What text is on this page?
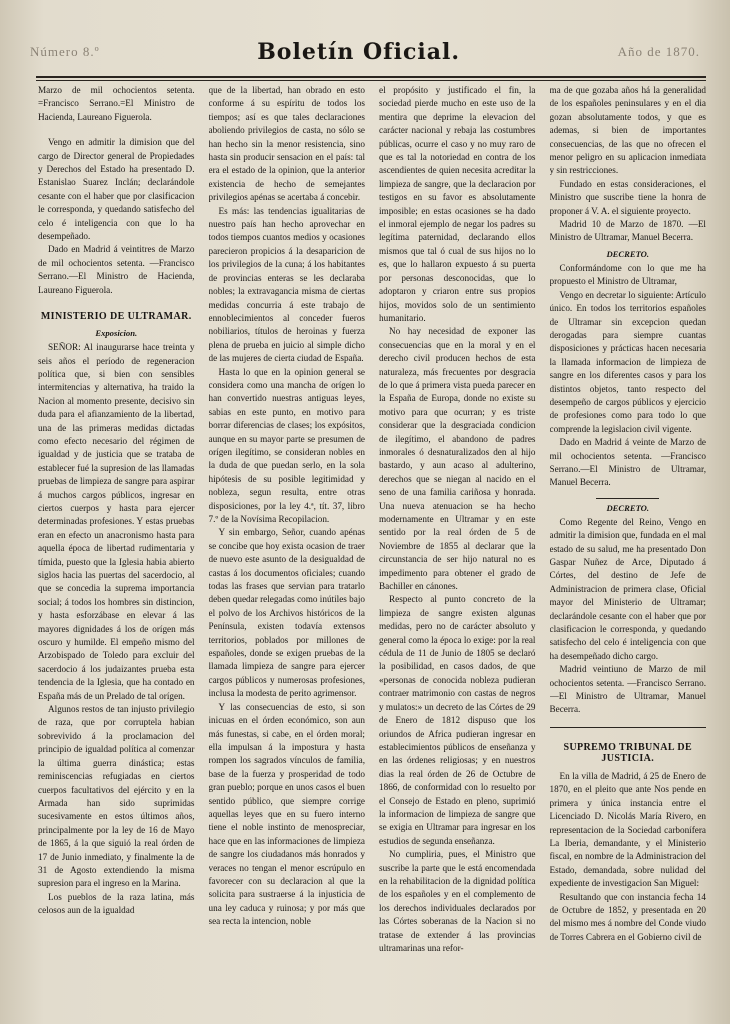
Número 8.º	Boletín Oficial.	Año de 1870.

Marzo de mil ochocientos setenta. =Francisco Serrano.=El Ministro de Hacienda, Laureano Figuerola.

Vengo en admitir la dimision que del cargo de Director general de Propiedades y Derechos del Estado ha presentado D. Estanislao Suarez Inclán; declarándole cesante con el haber que por clasificacion le corresponda, y quedando satisfecho del celo é inteligencia con que lo ha desempeñado.

Dado en Madrid á veintitres de Marzo de mil ochocientos setenta. —Francisco Serrano.—El Ministro de Hacienda, Laureano Figuerola.

MINISTERIO DE ULTRAMAR.
Exposicion.

SEÑOR: Al inaugurarse hace treinta y seis años el período de regeneracion política que, si bien con sensibles intermitencias y alternativa, ha traido la Nacion al momento presente, decisivo sin duda para el afianzamiento de la libertad, una de las primeras medidas dictadas como efecto necesario del régimen de igualdad y de justicia que se trataba de establecer fué la supresion de las llamadas pruebas de limpieza de sangre para aspirar á muchos cargos públicos, ingresar en ciertos cuerpos y hasta para ejercer determinadas profesiones. Y estas pruebas eran en efecto un anacronismo hasta para aquella época de libertad rudimentaria y tímida, puesto que la Iglesia habia abierto siglos hacia las puertas del sacerdocio, al que se concedia la suprema importancia social; á todos los hombres sin distincion, y hasta esforzábase en elevar á las mayores dignidades á los de orígen más oscuro y humilde. El empeño mismo del Arzobispado de Toledo para excluir del sacerdocio á los judaizantes prueba esta tendencia de la Iglesia, que ha contado en España más de un Prelado de tal orígen.

Algunos restos de tan injusto privilegio de raza, que por corruptela habian sobrevivido á la proclamacion del principio de igualdad política al comenzar la última guerra dinástica; estas reminiscencias refugiadas en ciertos cuerpos facultativos del ejército y en la Armada han sido suprimidas sucesivamente en estos últimos años, principalmente por la ley de 16 de Mayo de 1865, á la que siguió la real órden de 17 de Junio inmediato, y finalmente la de 31 de Agosto extendiendo la misma supresion para el ingreso en la Marina.

Los pueblos de la raza latina, más celosos aun de la igualdad

que de la libertad, han obrado en esto conforme á su espíritu de todos los tiempos; así es que tales declaraciones aboliendo privilegios de casta, no sólo se han hecho sin la menor resistencia, sino hasta sin producir sensacion en el país: tal era el estado de la opinion, que la anterior existencia de hecho de semejantes privilegios apénas se acertaba á concebir.

Es más: las tendencias igualitarias de nuestro país han hecho aprovechar en todos tiempos cuantos medios y ocasiones parecieron propicios á la desaparicion de los privilegios de la cuna; á los habitantes de provincias enteras se les declaraba nobles; la extravagancia misma de ciertas medidas concurria á este trabajo de ennoblecimientos al conceder fueros nobiliarios, títulos de heroinas y fuerza plena de prueba en juicio al simple dicho de las mujeres de cierta ciudad de España.

Hasta lo que en la opinion general se considera como una mancha de orígen lo han convertido nuestras antiguas leyes, sabias en este punto, en motivo para borrar diferencias de clases; los expósitos, aunque en su mayor parte se presumen de orígen ilegítimo, se consideran nobles en la duda de que puedan serlo, en la sola hipótesis de su posible legitimidad y nobleza, segun resulta, entre otras disposiciones, por la ley 4.ª, tít. 37, libro 7.º de la Novísima Recopilacion.

Y sin embargo, Señor, cuando apénas se concibe que hoy exista ocasion de traer de nuevo este asunto de la desigualdad de castas á los documentos oficiales; cuando todas las frases que servian para tratarlo deben quedar relegadas como inútiles bajo el polvo de los Archivos históricos de la Península, existen todavía extensos territorios, poblados por millones de españoles, donde se exigen pruebas de la llamada limpieza de sangre para ejercer cargos públicos y numerosas profesiones, inclusa la modesta de perito agrimensor.

Y las consecuencias de esto, si son inicuas en el órden económico, son aun más funestas, si cabe, en el órden moral; ella impulsan á la impostura y hasta rompen los sagrados vínculos de familia, base de la fuerza y prosperidad de todo gran pueblo; porque en unos casos el buen sentido público, que siempre corrige aquellas leyes que en su fuero interno tiene el noble instinto de menospreciar, hace que en las informaciones de limpieza de sangre los ciudadanos más honrados y veraces no tengan el menor escrúpulo en favorecer con su declaracion al que la solicita para sustraerse á la injusticia de una ley caduca y ruinosa; y por más que sea recta la intencion, noble

el propósito y justificado el fin, la sociedad pierde mucho en este uso de la mentira que deprime la elevacion del carácter nacional y rebaja las costumbres públicas, ocurre el caso y no muy raro de que es tal la notoriedad en contra de los ascendientes de quien necesita acreditar la limpieza de sangre, que la declaracion por testigos en su favor es absolutamente imposible; en estas ocasiones se ha dado el inmoral ejemplo de negar los padres su legítima paternidad, declarando ellos mismos que tal ó cual de sus hijos no lo es, que lo hallaron expuesto á su puerta por personas desconocidas, que lo adoptaron y criaron entre sus propios hijos, movidos solo de un sentimiento humanitario.

No hay necesidad de exponer las consecuencias que en la moral y en el derecho civil producen hechos de esta naturaleza, más frecuentes por desgracia de lo que á primera vista pueda parecer en la España de Europa, donde no existe su motivo para que ocurran; y es triste considerar que la desgraciada condicion de ilegítimo, el abandono de padres inmorales ó desnaturalizados den al hijo bastardo, y aun acaso al adulterino, derechos que se niegan al nacido en el seno de una familia cariñosa y honrada. Una nueva atenuacion se ha hecho modernamente en Ultramar y en este sentido por la real órden de 5 de Noviembre de 1855 al declarar que la circunstancia de ser hijo natural no es impedimento para obtener el grado de Bachiller en cánones.

Respecto al punto concreto de la limpieza de sangre existen algunas medidas, pero no de carácter absoluto y general como la época lo exige: por la real cédula de 11 de Junio de 1805 se declaró la posibilidad, en casos dados, de que «personas de conocida nobleza pudieran contraer matrimonio con castas de negros y mulatos:» un decreto de las Córtes de 29 de Enero de 1812 dispuso que los oriundos de Africa pudieran ingresar en establecimientos públicos de enseñanza y en las órdenes religiosas; y en nuestros dias la real órden de 26 de Octubre de 1866, de conformidad con lo resuelto por el Consejo de Estado en pleno, suprimió la informacion de limpieza de sangre que se exigia en Ultramar para ingresar en los estudios de segunda enseñanza.

No cumpliria, pues, el Ministro que suscribe la parte que le está encomendada en la rehabilitacion de la dignidad política de los españoles y en el complemento de los derechos individuales declarados por las Córtes soberanas de la Nacion si no tratase de extender á las provincias ultramarinas una refor-

ma de que gozaba años há la generalidad de los españoles peninsulares y en el dia gozan absolutamente todos, y que es ademas, si bien de importantes consecuencias, de las que no ofrecen el menor peligro en su aplicacion inmediata y sin restricciones.

Fundado en estas consideraciones, el Ministro que suscribe tiene la honra de proponer á V. A. el siguiente proyecto.

Madrid 10 de Marzo de 1870. —El Ministro de Ultramar, Manuel Becerra.

DECRETO.

Conformándome con lo que me ha propuesto el Ministro de Ultramar,

Vengo en decretar lo siguiente: Artículo único. En todos los territorios españoles de Ultramar sin excepcion quedan derogadas para siempre cuantas disposiciones y prácticas hacen necesaria la llamada informacion de limpieza de sangre en los diferentes casos y para los distintos objetos, tanto respecto del desempeño de cargos públicos y ejercicio de profesiones como para todo lo que comprende la legislacion civil vigente.

Dado en Madrid á veinte de Marzo de mil ochocientos setenta. —Francisco Serrano.—El Ministro de Ultramar, Manuel Becerra.

DECRETO.

Como Regente del Reino, Vengo en admitir la dimision que, fundada en el mal estado de su salud, me ha presentado Don Gaspar Nuñez de Arce, Diputado á Córtes, del destino de Jefe de Administracion de primera clase, Oficial mayor del Ministerio de Ultramar; declarándole cesante con el haber que por clasificacion le corresponda, y quedando satisfecho del celo é inteligencia con que ha desempeñado dicho cargo.

Madrid veintiuno de Marzo de mil ochocientos setenta. —Francisco Serrano.—El Ministro de Ultramar, Manuel Becerra.

SUPREMO TRIBUNAL DE JUSTICIA.

En la villa de Madrid, á 25 de Enero de 1870, en el pleito que ante Nos pende en primera y única instancia entre el Licenciado D. Nicolás María Rivero, en representacion de la Sociedad carbonífera La Iberia, demandante, y el Ministerio fiscal, en nombre de la Administracion del Estado, demandada, sobre nulidad del expediente de investigacion San Miguel:

Resultando que con instancia fecha 14 de Octubre de 1852, y presentada en 20 del mismo mes á nombre del Conde viudo de Torres Cabrera en el Gobierno civil de
